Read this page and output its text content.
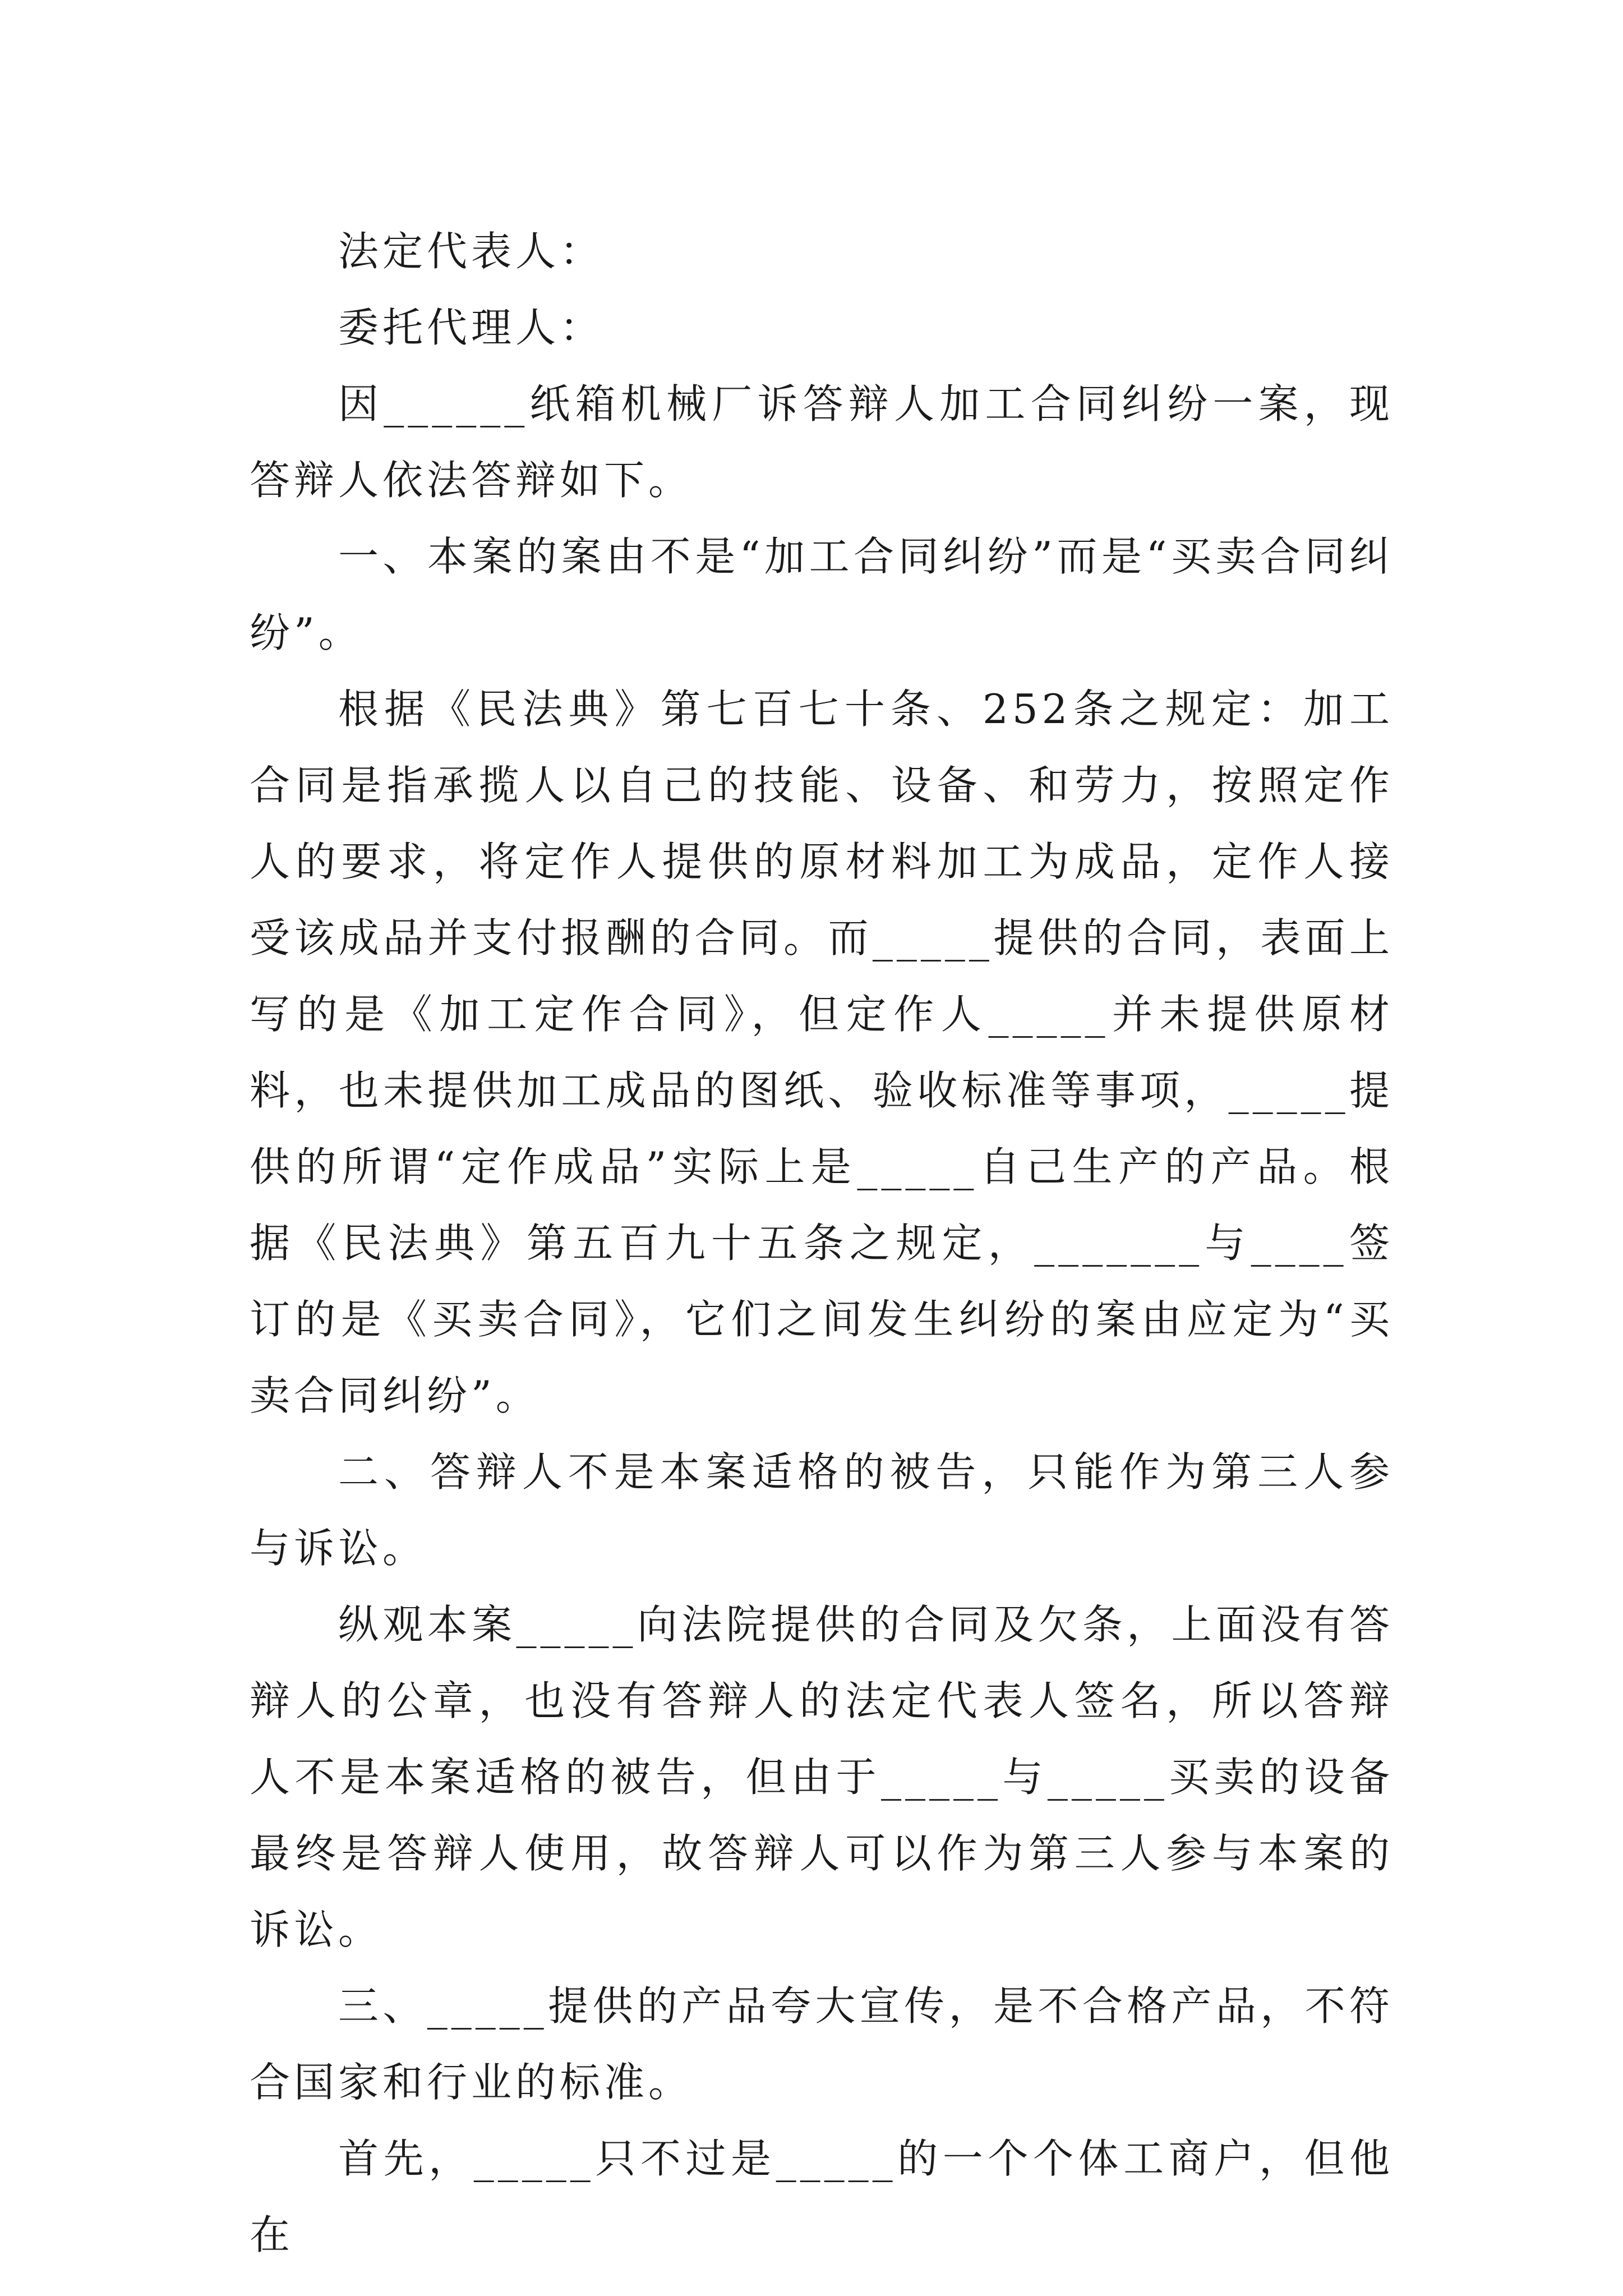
法定代表人：

委托代理人：

因______纸箱机械厂诉答辩人加工合同纠纷一案，现答辩人依法答辩如下。

一、本案的案由不是“加工合同纠纷”而是“买卖合同纠纷”。

根据《民法典》第七百七十条、252条之规定：加工合同是指承揽人以自己的技能、设备、和劳力，按照定作人的要求，将定作人提供的原材料加工为成品，定作人接受该成品并支付报酬的合同。而_____提供的合同，表面上写的是《加工定作合同》，但定作人_____并未提供原材料，也未提供加工成品的图纸、验收标准等事项，_____提供的所谓“定作成品”实际上是_____自己生产的产品。根据《民法典》第五百九十五条之规定，_______与____签订的是《买卖合同》，它们之间发生纠纷的案由应定为“买卖合同纠纷”。

二、答辩人不是本案适格的被告，只能作为第三人参与诉讼。

纵观本案_____向法院提供的合同及欠条，上面没有答辩人的公章，也没有答辩人的法定代表人签名，所以答辩人不是本案适格的被告，但由于_____与_____买卖的设备最终是答辩人使用，故答辩人可以作为第三人参与本案的诉讼。

三、_____提供的产品夸大宣传，是不合格产品，不符合国家和行业的标准。

首先，_____只不过是_____的一个个体工商户，但他在
